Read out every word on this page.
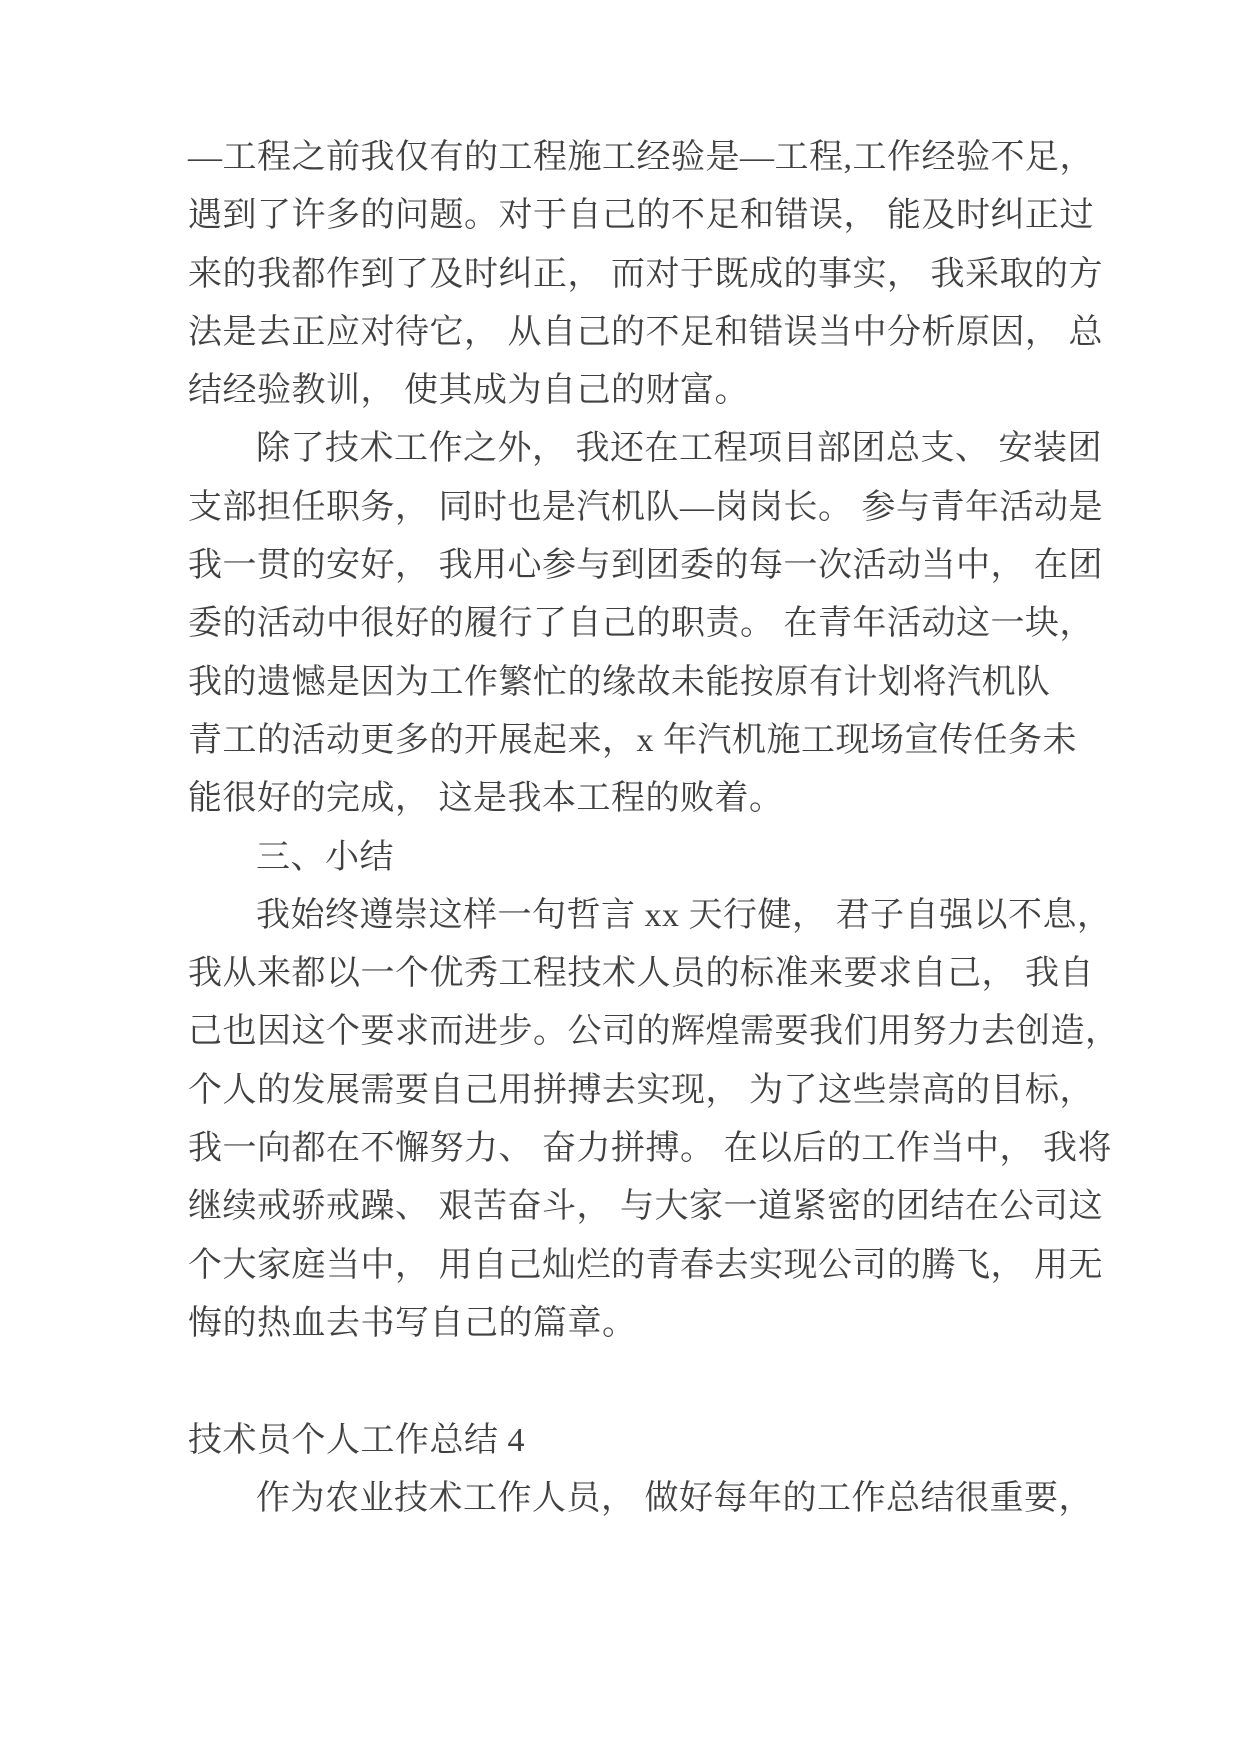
—工程之前我仅有的工程施工经验是—工程,工作经验不足，
遇到了许多的问题。对于自己的不足和错误， 能及时纠正过
来的我都作到了及时纠正， 而对于既成的事实， 我采取的方
法是去正应对待它， 从自己的不足和错误当中分析原因， 总
结经验教训， 使其成为自己的财富。
除了技术工作之外， 我还在工程项目部团总支、 安装团
支部担任职务， 同时也是汽机队—岗岗长。 参与青年活动是
我一贯的安好， 我用心参与到团委的每一次活动当中， 在团
委的活动中很好的履行了自己的职责。 在青年活动这一块，
我的遗憾是因为工作繁忙的缘故未能按原有计划将汽机队
青工的活动更多的开展起来，x 年汽机施工现场宣传任务未
能很好的完成， 这是我本工程的败着。
三、小结
我始终遵崇这样一句哲言 xx 天行健， 君子自强以不息，
我从来都以一个优秀工程技术人员的标准来要求自己， 我自
己也因这个要求而进步。公司的辉煌需要我们用努力去创造，
个人的发展需要自己用拼搏去实现， 为了这些崇高的目标，
我一向都在不懈努力、 奋力拼搏。 在以后的工作当中， 我将
继续戒骄戒躁、 艰苦奋斗， 与大家一道紧密的团结在公司这
个大家庭当中， 用自己灿烂的青春去实现公司的腾飞， 用无
悔的热血去书写自己的篇章。
技术员个人工作总结 4
作为农业技术工作人员， 做好每年的工作总结很重要，
